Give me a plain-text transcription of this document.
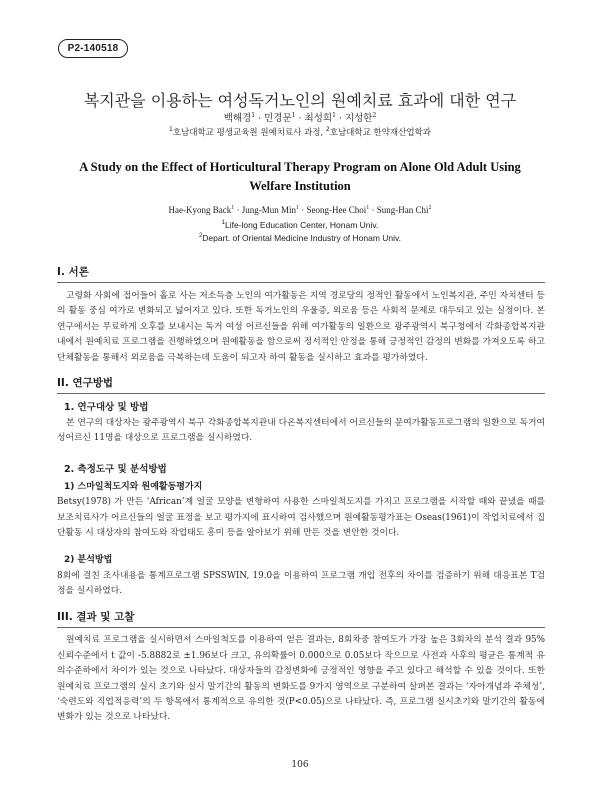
P2-140518
복지관을 이용하는 여성독거노인의 원예치료 효과에 대한 연구
백해경$^1$ · 민경문$^1$ · 최성희$^1$ · 지성한$^2$
$^1$호남대학교 평생교육원 원예치료사 과정, $^2$호남대학교 한약재산업학과
A Study on the Effect of Horticultural Therapy Program on Alone Old Adult Using
Welfare Institution
Hae-Kyong Back$^1$ · Jung-Mun Min$^1$ · Seong-Hee Choi$^1$ · Sung-Han Chi$^2$
$^1$Life-long Education Center, Honam Univ.
$^2$Depart. of Oriental Medicine Industry of Honam Univ.
I. 서론

고령화 사회에 접어들어 홀로 사는 저소득층 노인의 여가활동은 지역 경로당의 정적인 활동에서 노인복지관, 주민 자치센터 등의 활동 중심 여가로 변화되고 넓어지고 있다. 또한 독거노인의 우울증, 외로움 등은 사회적 문제로 대두되고 있는 실정이다. 본 연구에서는 무료하게 오후를 보내시는 독거 여성 어르신들을 위해 여가활동의 일환으로 광주광역시 북구청에서 각화종합복지관내에서 원예치료 프로그램을 진행하였으며 원예활동을 함으로써 정서적인 안정을 통해 긍정적인 감정의 변화를 가져오도록 하고 단체활동을 통해서 외로움을 극복하는데 도움이 되고자 하여 활동을 실시하고 효과를 평가하였다.

II. 연구방법
1. 연구대상 및 방법

본 연구의 대상자는 광주광역시 북구 각화종합복지관내 다온복지센터에서 어르신들의 문여가활동프로그램의 일환으로 독거여성어르신 11명을 대상으로 프로그램을 실시하였다.

2. 측정도구 및 분석방법
1) 스마일척도지와 원예활동평가지

Betsy(1978) 가 만든 ‘African’계 얼굴 모양을 변형하여 사용한 스마일척도지를 가지고 프로그램을 시작할 때와 끝냈을 때를 보조치료사가 어르신들의 얼굴 표정을 보고 평가지에 표시하여 검사했으며 원예활동평가표는 Oseas(1961)이 작업치료에서 집단활동 시 대상자의 참여도와 작업태도 흥미 등을 알아보기 위해 만든 것을 변안한 것이다.

2) 분석방법

8회에 걸친 조사내용을 통계프로그램 SPSSWIN, 19.0을 이용하여 프로그램 개입 전후의 차이를 검증하기 위해 대응표본 T검정을 실시하였다.

III. 결과 및 고찰

원예치료 프로그램을 실시하면서 스마일척도를 이용하여 얻은 결과는, 8회차중 참여도가 가장 높은 3회차의 분석 결과 95%신뢰수준에서 t 값이 -5.8882로 ±1.96보다 크고, 유의확률이 0.000으로 0.05보다 작으므로 사전과 사후의 평균은 통계적 유의수준하에서 차이가 있는 것으로 나타났다. 대상자들의 감정변화에 긍정적인 영향을 주고 있다고 해석할 수 있을 것이다. 또한 원예치료 프로그램의 실시 초기와 실시 말기간의 활동의 변화도를 9가지 영역으로 구분하여 살펴본 결과는 ‘자아개념과 주체성’, ‘숙련도와 직업적응력’의 두 항목에서 통계적으로 유의한 것(P<0.05)으로 나타났다. 즉, 프로그램 실시초기와 말기간의 활동에 변화가 있는 것으로 나타났다.

106
